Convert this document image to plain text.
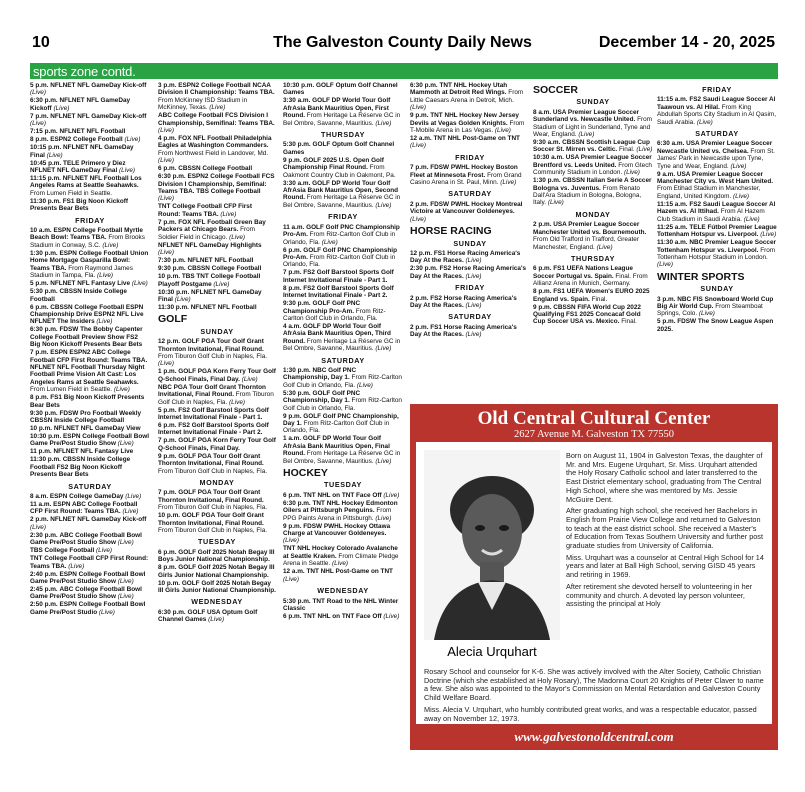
10	The Galveston County Daily News	December 14 - 20, 2025
sports zone contd.
5 p.m. NFLNET NFL GameDay Kick-off (Live)
6:30 p.m. NFLNET NFL GameDay Kickoff (Live)
7 p.m. NFLNET NFL GameDay Kick-off (Live)
7:15 p.m. NFLNET NFL Football
8 p.m. ESPN2 College Football (Live)
10:15 p.m. NFLNET NFL GameDay Final (Live)
10:45 p.m. TELE Primero y Diez NFLNET NFL GameDay Final (Live)
11:15 p.m. NFLNET NFL Football Los Angeles Rams at Seattle Seahawks. From Lumen Field in Seattle.
11:30 p.m. FS1 Big Noon Kickoff Presents Bear Bets
FRIDAY
10 a.m. ESPN College Football Myrtle Beach Bowl: Teams TBA. From Brooks Stadium in Conway, S.C. (Live)
1:30 p.m. ESPN College Football Union Home Mortgage Gasparilla Bowl: Teams TBA. From Raymond James Stadium in Tampa, Fla. (Live)
5 p.m. NFLNET NFL Fantasy Live (Live)
5:30 p.m. CBSSN Inside College Football
6 p.m. CBSSN College Football ESPN Championship Drive ESPN2 NFL Live NFLNET The Insiders (Live)
6:30 p.m. FDSW The Bobby Capenter College Football Preview Show FS2 Big Noon Kickoff Presents Bear Bets
7 p.m. ESPN ESPN2 ABC College Football CFP First Round: Teams TBA. NFLNET NFL Football Thursday Night Football Prime Vision Alt Cast: Los Angeles Rams at Seattle Seahawks. From Lumen Field in Seattle. (Live)
8 p.m. FS1 Big Noon Kickoff Presents Bear Bets
9:30 p.m. FDSW Pro Football Weekly CBSSN Inside College Football
10 p.m. NFLNET NFL GameDay View
10:30 p.m. ESPN College Football Bowl Game Pre/Post Studio Show (Live)
11 p.m. NFLNET NFL Fantasy Live
11:30 p.m. CBSSN Inside College Football FS2 Big Noon Kickoff Presents Bear Bets
SATURDAY
8 a.m. ESPN College GameDay (Live)
11 a.m. ESPN ABC College Football CFP First Round: Teams TBA. (Live)
2 p.m. NFLNET NFL GameDay Kick-off (Live)
2:30 p.m. ABC College Football Bowl Game Pre/Post Studio Show (Live)
TBS College Football (Live)
TNT College Football CFP First Round: Teams TBA. (Live)
2:40 p.m. ESPN College Football Bowl Game Pre/Post Studio Show (Live)
2:45 p.m. ABC College Football Bowl Game Pre/Post Studio Show (Live)
2:50 p.m. ESPN College Football Bowl Game Pre/Post Studio (Live)
3 p.m. ESPN2 College Football NCAA Division II Championship: Teams TBA. From McKinney ISD Stadium in McKinney, Texas. (Live)
ABC College Football FCS Division I Championship, Semifinal: Teams TBA. (Live)
4 p.m. FOX NFL Football Philadelphia Eagles at Washington Commanders. From Northwest Field in Landover, Md. (Live)
6 p.m. CBSSN College Football
6:30 p.m. ESPN2 College Football FCS Division I Championship, Semifinal: Teams TBA. TBS College Football (Live)
TNT College Football CFP First Round: Teams TBA. (Live)
7 p.m. FOX NFL Football Green Bay Packers at Chicago Bears. From Soldier Field in Chicago. (Live)
NFLNET NFL GameDay Highlights (Live)
7:30 p.m. NFLNET NFL Football
9:30 p.m. CBSSN College Football
10 p.m. TBS TNT College Football Playoff Postgame (Live)
10:30 p.m. NFLNET NFL GameDay Final (Live)
11:30 p.m. NFLNET NFL Football
GOLF
SUNDAY
12 p.m. GOLF PGA Tour Golf Grant Thornton Invitational, Final Round. From Tiburon Golf Club in Naples, Fla. (Live)
1 p.m. GOLF PGA Korn Ferry Tour Golf Q-School Finals, Final Day. (Live)
NBC PGA Tour Golf Grant Thornton Invitational, Final Round. From Tiburon Golf Club in Naples, Fla. (Live)
5 p.m. FS2 Golf Barstool Sports Golf Internet Invitational Finale - Part 1.
6 p.m. FS2 Golf Barstool Sports Golf Internet Invitational Finale - Part 2.
7 p.m. GOLF PGA Korn Ferry Tour Golf Q-School Finals, Final Day.
9 p.m. GOLF PGA Tour Golf Grant Thornton Invitational, Final Round. From Tiburon Golf Club in Naples, Fla.
MONDAY
7 p.m. GOLF PGA Tour Golf Grant Thornton Invitational, Final Round. From Tiburon Golf Club in Naples, Fla.
10 p.m. GOLF PGA Tour Golf Grant Thornton Invitational, Final Round. From Tiburon Golf Club in Naples, Fla.
TUESDAY
6 p.m. GOLF Golf 2025 Notah Begay III Boys Junior National Championship.
8 p.m. GOLF Golf 2025 Notah Begay III Girls Junior National Championship.
10 p.m. GOLF Golf 2025 Notah Begay III Girls Junior National Championship.
WEDNESDAY
6:30 p.m. GOLF USA Optum Golf Channel Games (Live)
10:30 p.m. GOLF Optum Golf Channel Games
3:30 a.m. GOLF DP World Tour Golf AfrAsia Bank Mauritius Open, First Round. From Heritage La Réserve GC in Bel Ombre, Savanne, Mauritius. (Live)
THURSDAY
5:30 p.m. GOLF Optum Golf Channel Games
9 p.m. GOLF 2025 U.S. Open Golf Championship Final Round. From Oakmont Country Club in Oakmont, Pa.
3:30 a.m. GOLF DP World Tour Golf AfrAsia Bank Mauritius Open, Second Round. From Heritage La Réserve GC in Bel Ombre, Savanne, Mauritius. (Live)
FRIDAY
11 a.m. GOLF Golf PNC Championship Pro-Am. From Ritz-Carlton Golf Club in Orlando, Fla. (Live)
6 p.m. GOLF Golf PNC Championship Pro-Am. From Ritz-Carlton Golf Club in Orlando, Fla.
7 p.m. FS2 Golf Barstool Sports Golf Internet Invitational Finale - Part 1.
8 p.m. FS2 Golf Barstool Sports Golf Internet Invitational Finale - Part 2.
9:30 p.m. GOLF Golf PNC Championship Pro-Am. From Ritz-Carlton Golf Club in Orlando, Fla.
4 a.m. GOLF DP World Tour Golf AfrAsia Bank Mauritius Open, Third Round. From Heritage La Réserve GC in Bel Ombre, Savanne, Mauritius. (Live)
SATURDAY
1:30 p.m. NBC Golf PNC Championship, Day 1. From Ritz-Carlton Golf Club in Orlando, Fla. (Live)
5:30 p.m. GOLF Golf PNC Championship, Day 1. From Ritz-Carlton Golf Club in Orlando, Fla.
9 p.m. GOLF Golf PNC Championship, Day 1. From Ritz-Carlton Golf Club in Orlando, Fla.
1 a.m. GOLF DP World Tour Golf AfrAsia Bank Mauritius Open, Final Round. From Heritage La Réserve GC in Bel Ombre, Savanne, Mauritius. (Live)
HOCKEY
TUESDAY
6 p.m. TNT NHL on TNT Face Off (Live)
6:30 p.m. TNT NHL Hockey Edmonton Oilers at Pittsburgh Penguins. From PPG Paints Arena in Pittsburgh. (Live)
9 p.m. FDSW PWHL Hockey Ottawa Charge at Vancouver Goldeneyes. (Live)
TNT NHL Hockey Colorado Avalanche at Seattle Kraken. From Climate Pledge Arena in Seattle. (Live)
12 a.m. TNT NHL Post-Game on TNT (Live)
WEDNESDAY
5:30 p.m. TNT Road to the NHL Winter Classic
6 p.m. TNT NHL on TNT Face Off (Live)
6:30 p.m. TNT NHL Hockey Utah Mammoth at Detroit Red Wings. From Little Caesars Arena in Detroit, Mich. (Live)
9 p.m. TNT NHL Hockey New Jersey Devils at Vegas Golden Knights. From T-Mobile Arena in Las Vegas. (Live)
12 a.m. TNT NHL Post-Game on TNT (Live)
FRIDAY
7 p.m. FDSW PWHL Hockey Boston Fleet at Minnesota Frost. From Grand Casino Arena in St. Paul, Minn. (Live)
SATURDAY
2 p.m. FDSW PWHL Hockey Montreal Victoire at Vancouver Goldeneyes. (Live)
HORSE RACING
SUNDAY
12 p.m. FS1 Horse Racing America's Day At the Races. (Live)
2:30 p.m. FS2 Horse Racing America's Day At the Races. (Live)
FRIDAY
2 p.m. FS2 Horse Racing America's Day At the Races. (Live)
SATURDAY
2 p.m. FS1 Horse Racing America's Day At the Races. (Live)
SOCCER
SUNDAY
8 a.m. USA Premier League Soccer Sunderland vs. Newcastle United. From Stadium of Light in Sunderland, Tyne and Wear, England. (Live)
9:30 a.m. CBSSN Scottish League Cup Soccer St. Mirren vs. Celtic. Final. (Live)
10:30 a.m. USA Premier League Soccer Brentford vs. Leeds United. From Gtech Community Stadium in London. (Live)
1:30 p.m. CBSSN Italian Serie A Soccer Bologna vs. Juventus. From Renato Dall'Ara Stadium in Bologna, Bologna, Italy. (Live)
MONDAY
2 p.m. USA Premier League Soccer Manchester United vs. Bournemouth. From Old Trafford in Trafford, Greater Manchester, England. (Live)
THURSDAY
6 p.m. FS1 UEFA Nations League Soccer Portugal vs. Spain. Final. From Allianz Arena in Munich, Germany.
8 p.m. FS1 UEFA Women's EURO 2025 England vs. Spain. Final.
9 p.m. CBSSN FIFA World Cup 2022 Qualifying FS1 2025 Concacaf Gold Cup Soccer USA vs. Mexico. Final.
FRIDAY
11:15 a.m. FS2 Saudi League Soccer Al Taawoun vs. Al Hilal. From King Abdullah Sports City Stadium in Al Qasim, Saudi Arabia. (Live)
SATURDAY
6:30 a.m. USA Premier League Soccer Newcastle United vs. Chelsea. From St. James' Park in Newcastle upon Tyne, Tyne and Wear, England. (Live)
9 a.m. USA Premier League Soccer Manchester City vs. West Ham United. From Etihad Stadium in Manchester, England, United Kingdom. (Live)
11:15 a.m. FS2 Saudi League Soccer Al Hazem vs. Al Ittihad. From Al Hazem Club Stadium in Saudi Arabia. (Live)
11:25 a.m. TELE Fútbol Premier League Tottenham Hotspur vs. Liverpool. (Live)
11:30 a.m. NBC Premier League Soccer Tottenham Hotspur vs. Liverpool. From Tottenham Hotspur Stadium in London. (Live)
WINTER SPORTS
SUNDAY
3 p.m. NBC FIS Snowboard World Cup Big Air World Cup. From Steamboat Springs, Colo. (Live)
5 p.m. FDSW The Snow League Aspen 2025.
Old Central Cultural Center
2627 Avenue M. Galveston TX 77550
Alecia Urquhart

Born on August 11, 1904 in Galveston Texas, the daughter of Mr. and Mrs. Eugene Urquhart, Sr. Miss. Urquhart attended the Holy Rosary Catholic school and later transferred to the East District elementary school, graduating from The Central High School, where she was mentored by Ms. Jessie McGuire Dent.

After graduating high school, she received her Bachelors in English from Prairie View College and returned to Galveston to teach at the east district school. She received a Master's of Education from Texas Southern University and further post graduate studies from University of California.

Miss. Urquhart was a counselor at Central High School for 14 years and later at Ball High School, serving GISD 45 years and retiring in 1969.

After retirement she devoted herself to volunteering in her community and church. A devoted lay person volunteer, assisting the principal at Holy

Rosary School and counselor for K-6. She was actively involved with the Alter Society, Catholic Christian Doctrine (which she established at Holy Rosary), The Madonna Court 20 Knights of Peter Claver to name a few. She also was appointed to the Mayor's Commission on Mental Retardation and Galveston County Child Welfare Board.

Miss. Alecia V. Urquhart, who humbly contributed great works, and was a respectable educator, passed away on November 12, 1973.

www.galvestonoldcentral.com
